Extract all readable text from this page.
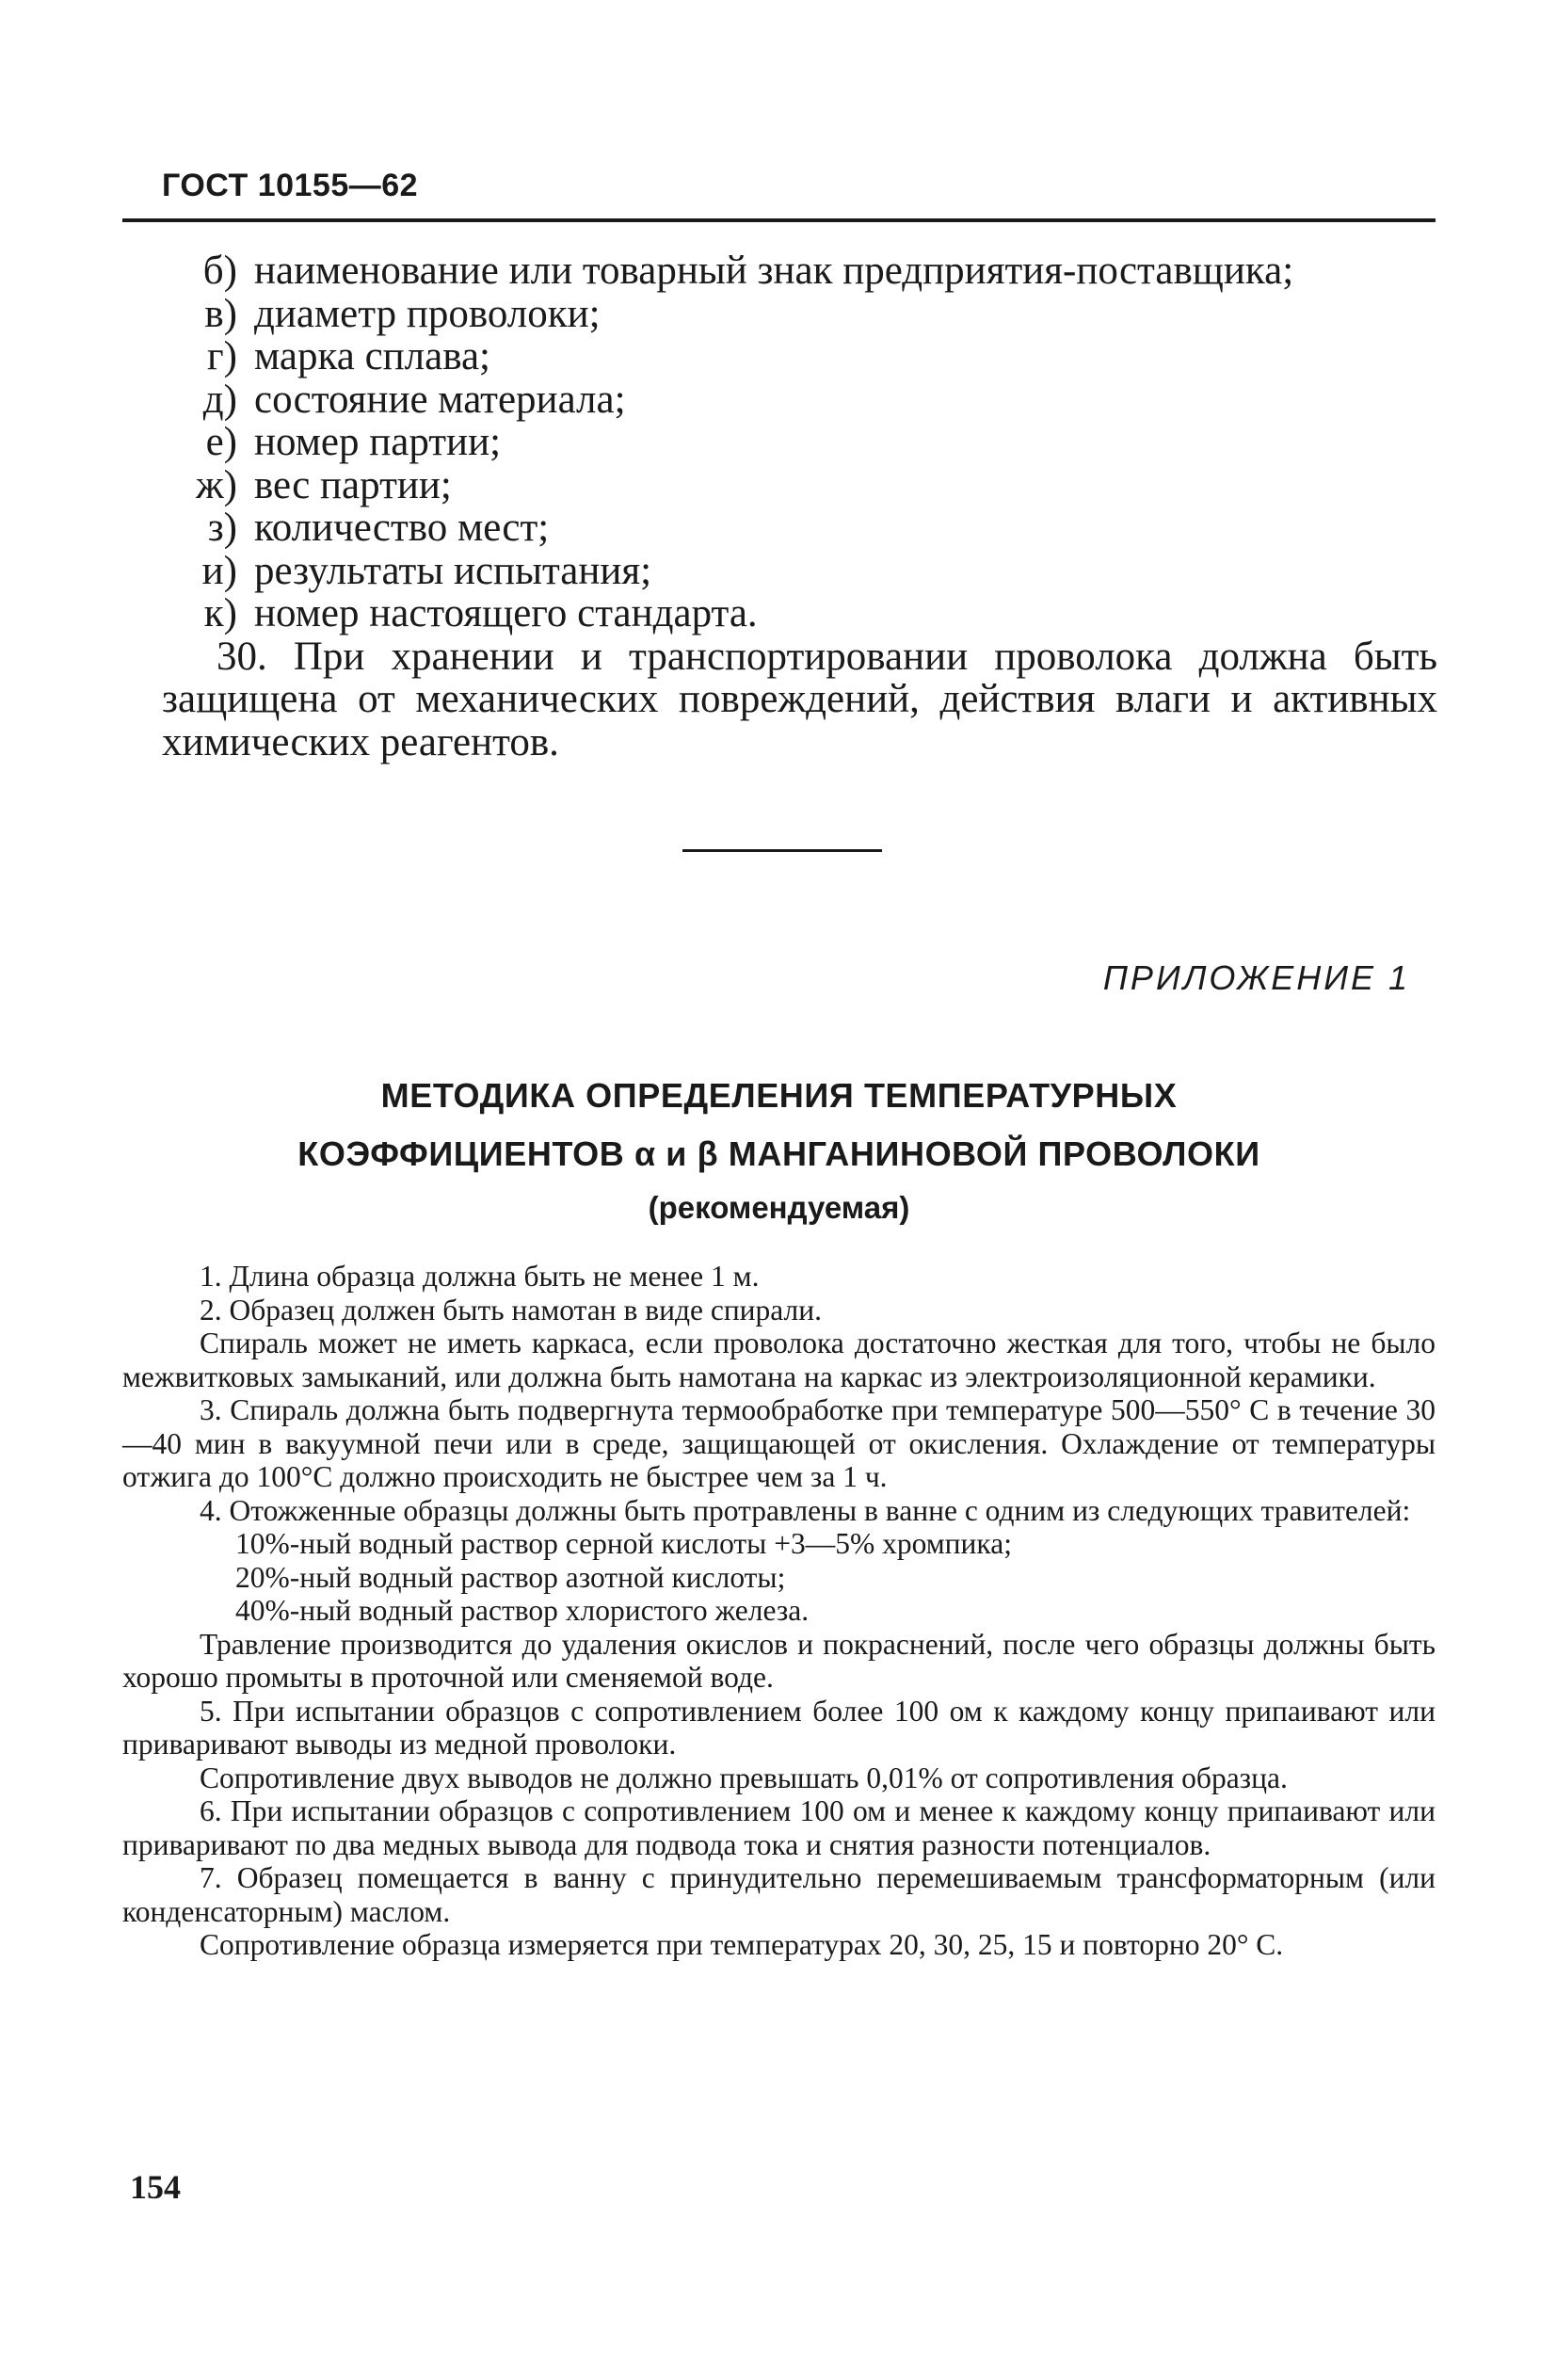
ГОСТ 10155—62
б) наименование или товарный знак предприятия-поставщика;
в) диаметр проволоки;
г) марка сплава;
д) состояние материала;
е) номер партии;
ж) вес партии;
з) количество мест;
и) результаты испытания;
к) номер настоящего стандарта.

30. При хранении и транспортировании проволока должна быть защищена от механических повреждений, действия влаги и активных химических реагентов.

ПРИЛОЖЕНИЕ 1
МЕТОДИКА ОПРЕДЕЛЕНИЯ ТЕМПЕРАТУРНЫХ
КОЭФФИЦИЕНТОВ α и β МАНГАНИНОВОЙ ПРОВОЛОКИ
(рекомендуемая)

1. Длина образца должна быть не менее 1 м.

2. Образец должен быть намотан в виде спирали.

Спираль может не иметь каркаса, если проволока достаточно жесткая для того, чтобы не было межвитковых замыканий, или должна быть намотана на каркас из электроизоляционной керамики.

3. Спираль должна быть подвергнута термообработке при температуре 500—550° С в течение 30—40 мин в вакуумной печи или в среде, защищающей от окисления. Охлаждение от температуры отжига до 100°С должно происходить не быстрее чем за 1 ч.

4. Отожженные образцы должны быть протравлены в ванне с одним из следующих травителей:

10%-ный водный раствор серной кислоты +3—5% хромпика;

20%-ный водный раствор азотной кислоты;

40%-ный водный раствор хлористого железа.

Травление производится до удаления окислов и покраснений, после чего образцы должны быть хорошо промыты в проточной или сменяемой воде.

5. При испытании образцов с сопротивлением более 100 ом к каждому концу припаивают или приваривают выводы из медной проволоки.

Сопротивление двух выводов не должно превышать 0,01% от сопротивления образца.

6. При испытании образцов с сопротивлением 100 ом и менее к каждому концу припаивают или приваривают по два медных вывода для подвода тока и снятия разности потенциалов.

7. Образец помещается в ванну с принудительно перемешиваемым трансформаторным (или конденсаторным) маслом.

Сопротивление образца измеряется при температурах 20, 30, 25, 15 и повторно 20° С.

154
